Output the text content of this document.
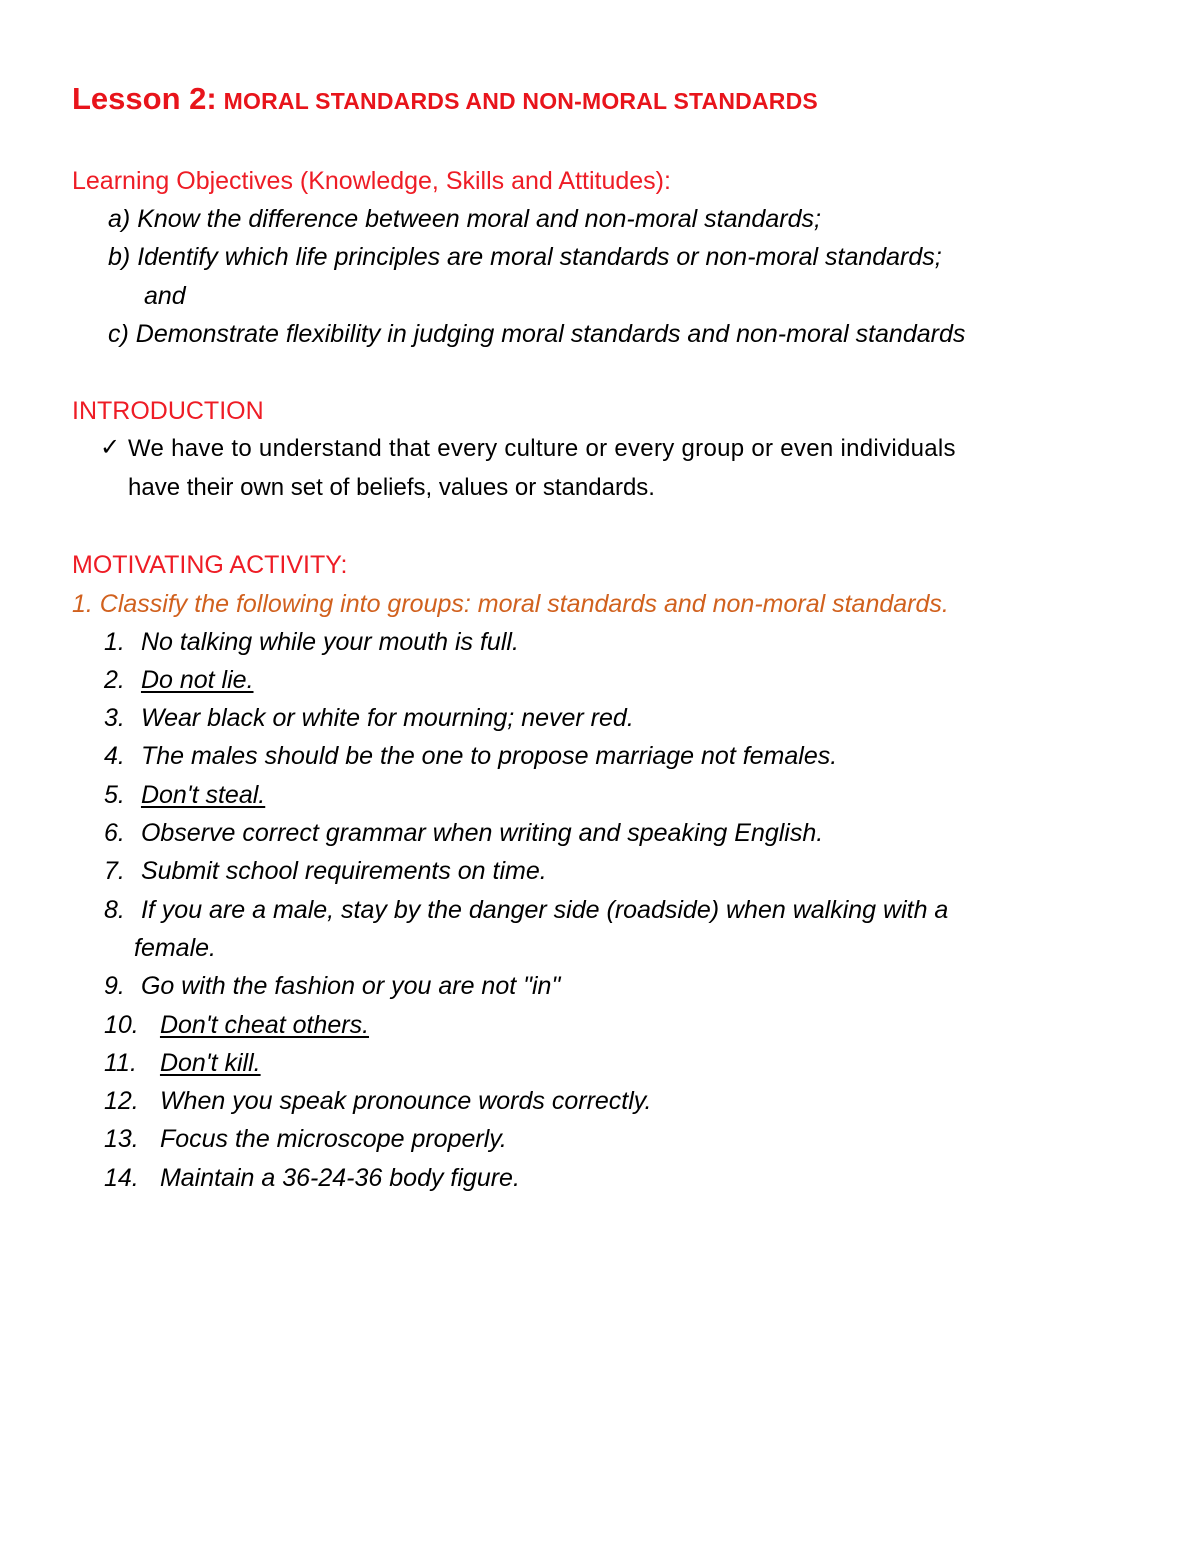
Lesson 2: MORAL STANDARDS AND NON-MORAL STANDARDS
Learning Objectives (Knowledge, Skills and Attitudes):
a) Know the difference between moral and non-moral standards;
b) Identify which life principles are moral standards or non-moral standards;
and
c) Demonstrate flexibility in judging moral standards and non-moral standards
INTRODUCTION
✓ We have to understand that every culture or every group or even individuals
have their own set of beliefs, values or standards.
MOTIVATING ACTIVITY:
1. Classify the following into groups: moral standards and non-moral standards.
1. No talking while your mouth is full.
2. Do not lie.
3. Wear black or white for mourning; never red.
4. The males should be the one to propose marriage not females.
5. Don't steal.
6. Observe correct grammar when writing and speaking English.
7. Submit school requirements on time.
8. If you are a male, stay by the danger side (roadside) when walking with a
female.
9. Go with the fashion or you are not "in"
10. Don't cheat others.
11. Don't kill.
12. When you speak pronounce words correctly.
13. Focus the microscope properly.
14. Maintain a 36-24-36 body figure.
